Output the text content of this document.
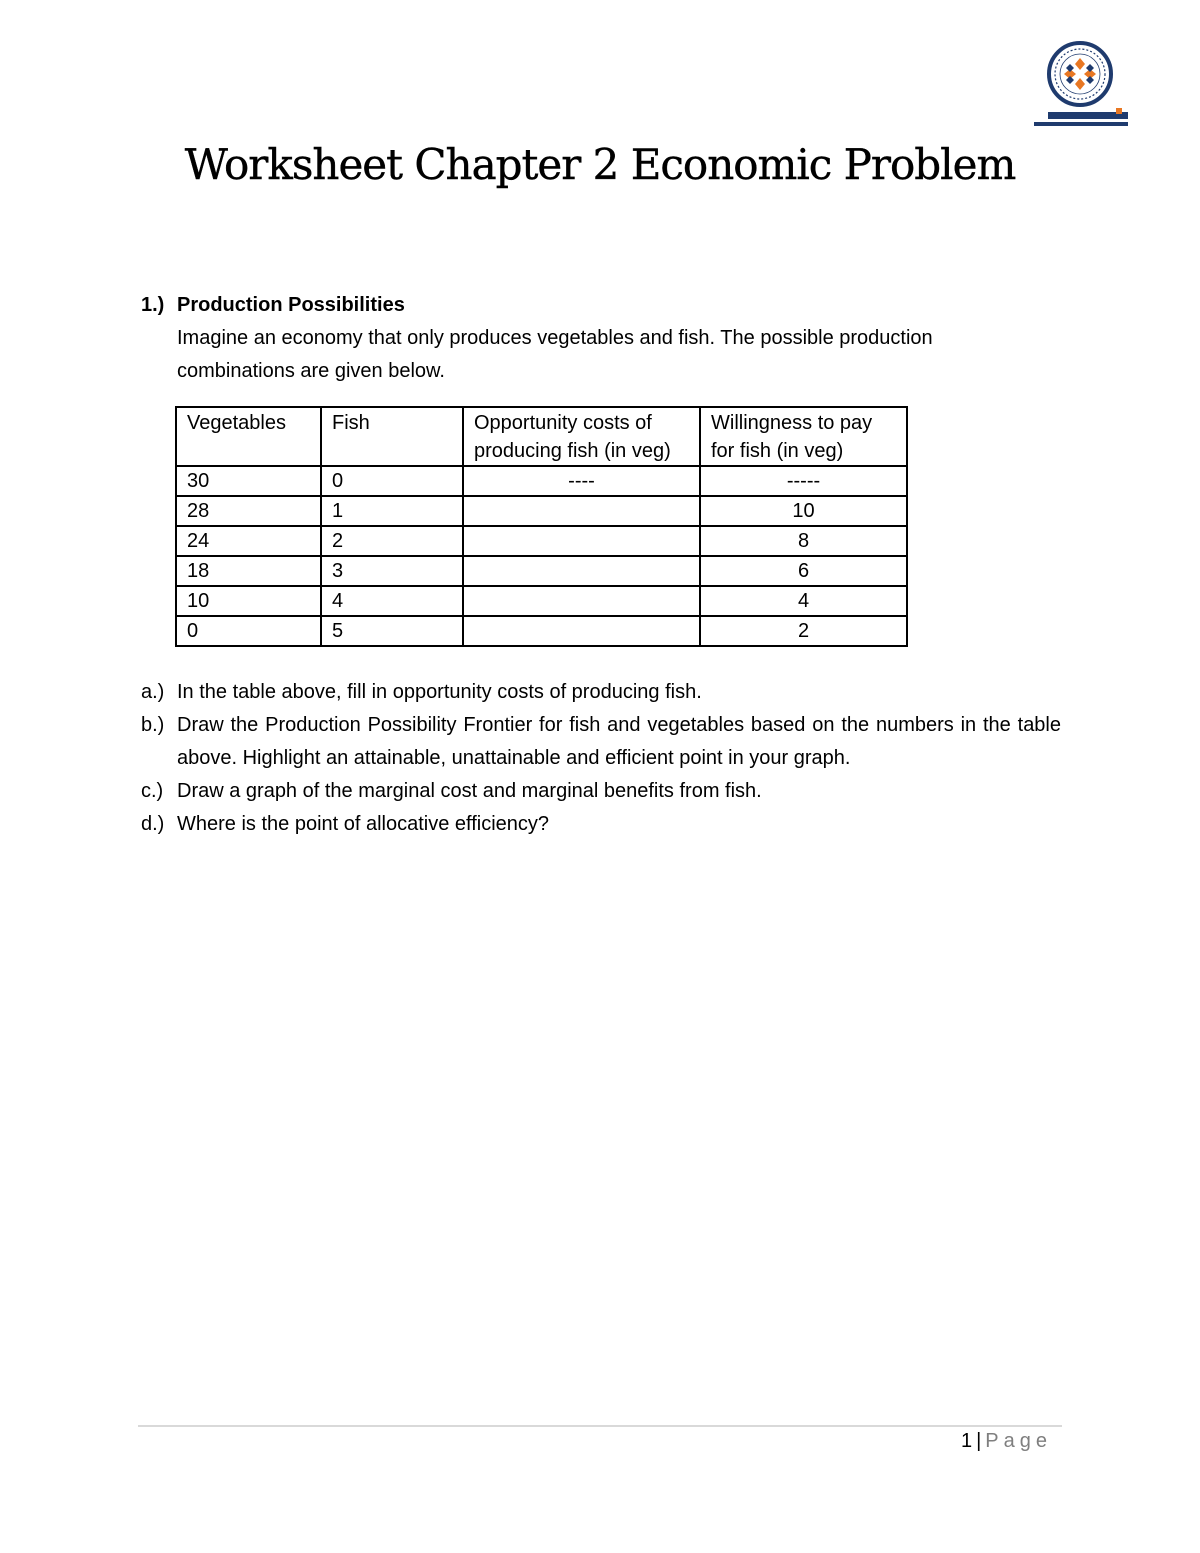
Worksheet Chapter 2 Economic Problem
1.) Production Possibilities
Imagine an economy that only produces vegetables and fish. The possible production combinations are given below.
Vegetables	Fish	Opportunity costs of producing fish (in veg)	Willingness to pay for fish (in veg)
30	0	----	-----
28	1		10
24	2		8
18	3		6
10	4		4
0	5		2
a.) In the table above, fill in opportunity costs of producing fish.
b.) Draw the Production Possibility Frontier for fish and vegetables based on the numbers in the table above. Highlight an attainable, unattainable and efficient point in your graph.
c.) Draw a graph of the marginal cost and marginal benefits from fish.
d.) Where is the point of allocative efficiency?
1 | Page
